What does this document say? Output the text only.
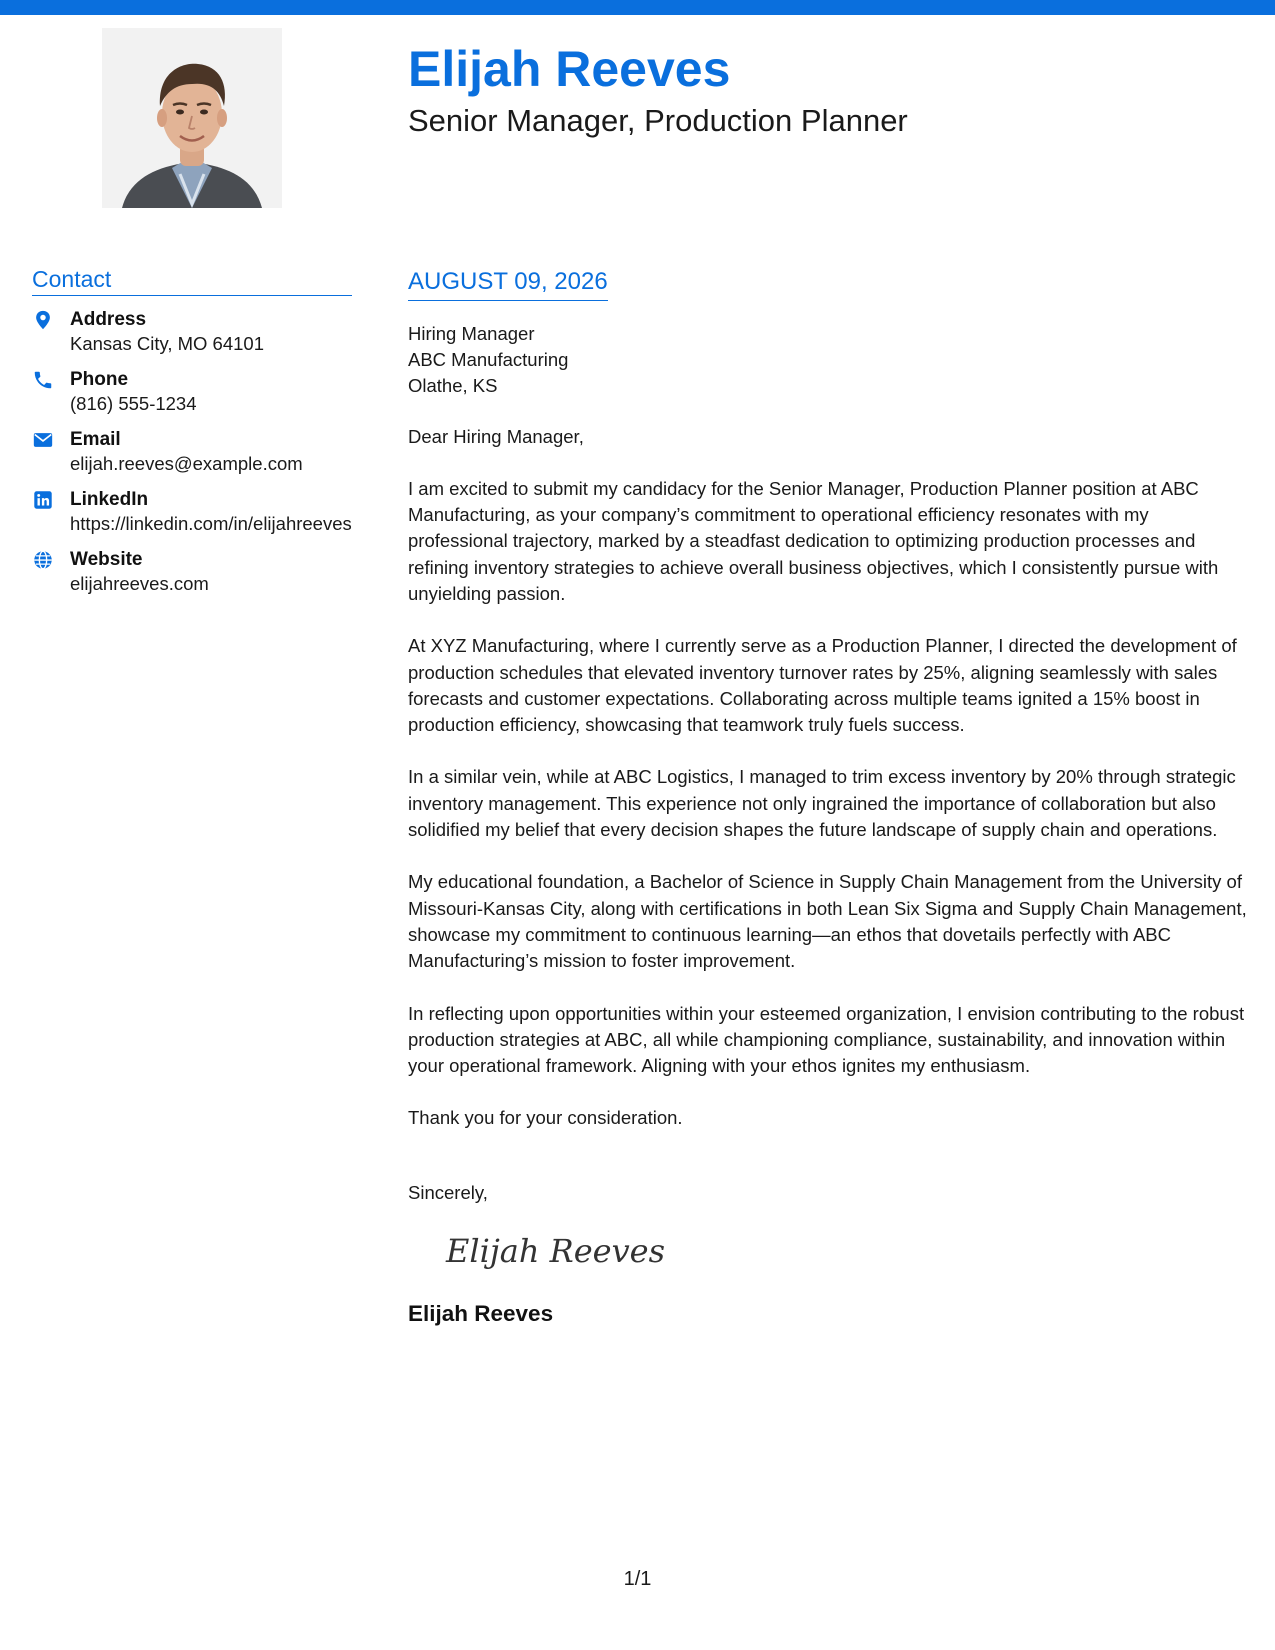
Elijah Reeves
Senior Manager, Production Planner
Contact
Address
Kansas City, MO 64101
Phone
(816) 555-1234
Email
elijah.reeves@example.com
LinkedIn
https://linkedin.com/in/elijahreeves
Website
elijahreeves.com
AUGUST 09, 2026
Hiring Manager
ABC Manufacturing
Olathe, KS
Dear Hiring Manager,

I am excited to submit my candidacy for the Senior Manager, Production Planner position at ABC Manufacturing, as your company’s commitment to operational efficiency resonates with my professional trajectory, marked by a steadfast dedication to optimizing production processes and refining inventory strategies to achieve overall business objectives, which I consistently pursue with unyielding passion.

At XYZ Manufacturing, where I currently serve as a Production Planner, I directed the development of production schedules that elevated inventory turnover rates by 25%, aligning seamlessly with sales forecasts and customer expectations. Collaborating across multiple teams ignited a 15% boost in production efficiency, showcasing that teamwork truly fuels success.

In a similar vein, while at ABC Logistics, I managed to trim excess inventory by 20% through strategic inventory management. This experience not only ingrained the importance of collaboration but also solidified my belief that every decision shapes the future landscape of supply chain and operations.

My educational foundation, a Bachelor of Science in Supply Chain Management from the University of Missouri-Kansas City, along with certifications in both Lean Six Sigma and Supply Chain Management, showcase my commitment to continuous learning—an ethos that dovetails perfectly with ABC Manufacturing’s mission to foster improvement.

In reflecting upon opportunities within your esteemed organization, I envision contributing to the robust production strategies at ABC, all while championing compliance, sustainability, and innovation within your operational framework. Aligning with your ethos ignites my enthusiasm.

Thank you for your consideration.

Sincerely,
Elijah Reeves
Elijah Reeves
1/1
